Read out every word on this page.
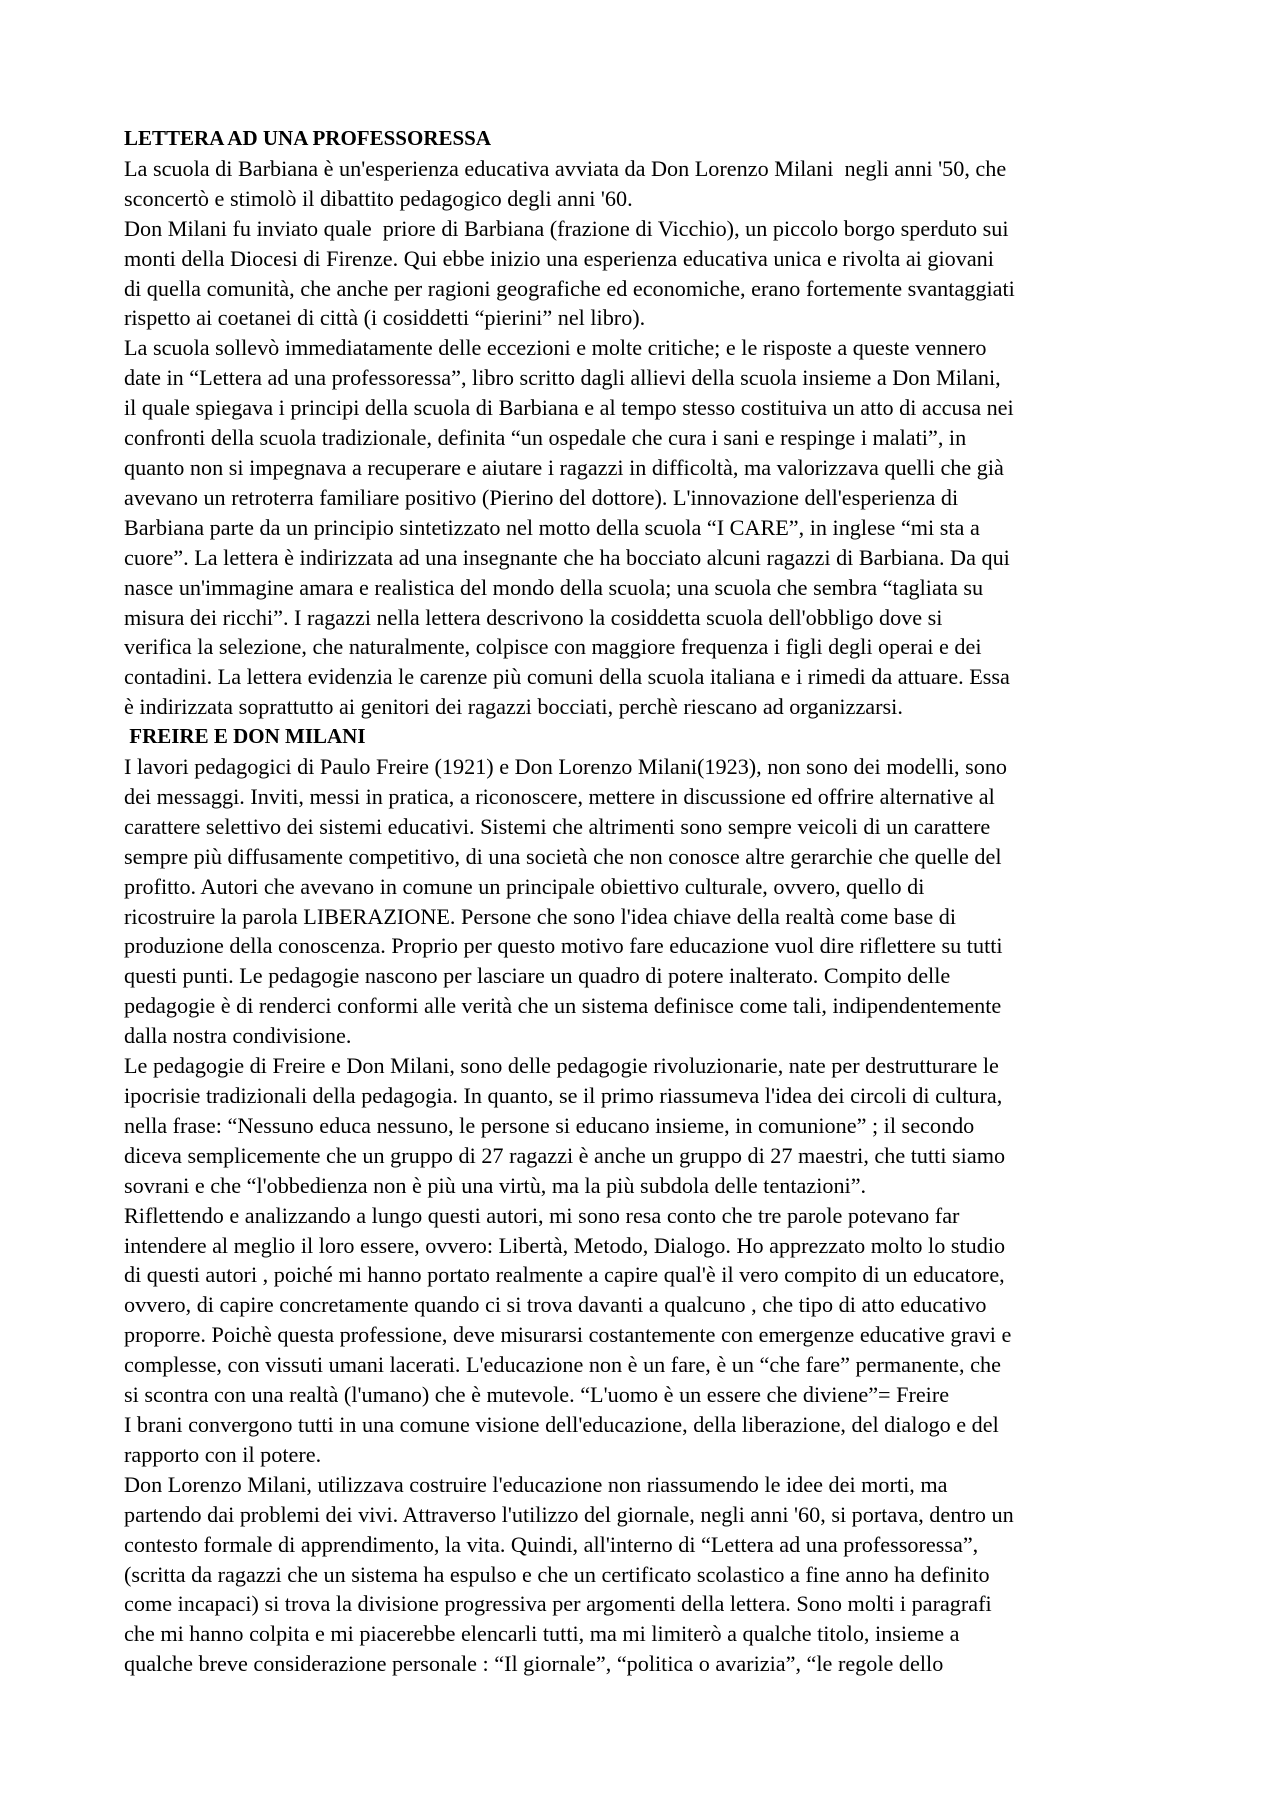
LETTERA AD UNA PROFESSORESSA
La scuola di Barbiana è un'esperienza educativa avviata da Don Lorenzo Milani  negli anni '50, che
sconcertò e stimolò il dibattito pedagogico degli anni '60.
Don Milani fu inviato quale  priore di Barbiana (frazione di Vicchio), un piccolo borgo sperduto sui
monti della Diocesi di Firenze. Qui ebbe inizio una esperienza educativa unica e rivolta ai giovani
di quella comunità, che anche per ragioni geografiche ed economiche, erano fortemente svantaggiati
rispetto ai coetanei di città (i cosiddetti “pierini” nel libro).
La scuola sollevò immediatamente delle eccezioni e molte critiche; e le risposte a queste vennero
date in “Lettera ad una professoressa”, libro scritto dagli allievi della scuola insieme a Don Milani,
il quale spiegava i principi della scuola di Barbiana e al tempo stesso costituiva un atto di accusa nei
confronti della scuola tradizionale, definita “un ospedale che cura i sani e respinge i malati”, in
quanto non si impegnava a recuperare e aiutare i ragazzi in difficoltà, ma valorizzava quelli che già
avevano un retroterra familiare positivo (Pierino del dottore). L'innovazione dell'esperienza di
Barbiana parte da un principio sintetizzato nel motto della scuola “I CARE”, in inglese “mi sta a
cuore”. La lettera è indirizzata ad una insegnante che ha bocciato alcuni ragazzi di Barbiana. Da qui
nasce un'immagine amara e realistica del mondo della scuola; una scuola che sembra “tagliata su
misura dei ricchi”. I ragazzi nella lettera descrivono la cosiddetta scuola dell'obbligo dove si
verifica la selezione, che naturalmente, colpisce con maggiore frequenza i figli degli operai e dei
contadini. La lettera evidenzia le carenze più comuni della scuola italiana e i rimedi da attuare. Essa
è indirizzata soprattutto ai genitori dei ragazzi bocciati, perchè riescano ad organizzarsi.
FREIRE E DON MILANI
I lavori pedagogici di Paulo Freire (1921) e Don Lorenzo Milani(1923), non sono dei modelli, sono
dei messaggi. Inviti, messi in pratica, a riconoscere, mettere in discussione ed offrire alternative al
carattere selettivo dei sistemi educativi. Sistemi che altrimenti sono sempre veicoli di un carattere
sempre più diffusamente competitivo, di una società che non conosce altre gerarchie che quelle del
profitto. Autori che avevano in comune un principale obiettivo culturale, ovvero, quello di
ricostruire la parola LIBERAZIONE. Persone che sono l'idea chiave della realtà come base di
produzione della conoscenza. Proprio per questo motivo fare educazione vuol dire riflettere su tutti
questi punti. Le pedagogie nascono per lasciare un quadro di potere inalterato. Compito delle
pedagogie è di renderci conformi alle verità che un sistema definisce come tali, indipendentemente
dalla nostra condivisione.
Le pedagogie di Freire e Don Milani, sono delle pedagogie rivoluzionarie, nate per destrutturare le
ipocrisie tradizionali della pedagogia. In quanto, se il primo riassumeva l'idea dei circoli di cultura,
nella frase: “Nessuno educa nessuno, le persone si educano insieme, in comunione” ; il secondo
diceva semplicemente che un gruppo di 27 ragazzi è anche un gruppo di 27 maestri, che tutti siamo
sovrani e che “l'obbedienza non è più una virtù, ma la più subdola delle tentazioni”.
Riflettendo e analizzando a lungo questi autori, mi sono resa conto che tre parole potevano far
intendere al meglio il loro essere, ovvero: Libertà, Metodo, Dialogo. Ho apprezzato molto lo studio
di questi autori , poiché mi hanno portato realmente a capire qual'è il vero compito di un educatore,
ovvero, di capire concretamente quando ci si trova davanti a qualcuno , che tipo di atto educativo
proporre. Poichè questa professione, deve misurarsi costantemente con emergenze educative gravi e
complesse, con vissuti umani lacerati. L'educazione non è un fare, è un “che fare” permanente, che
si scontra con una realtà (l'umano) che è mutevole. “L'uomo è un essere che diviene”= Freire
I brani convergono tutti in una comune visione dell'educazione, della liberazione, del dialogo e del
rapporto con il potere.
Don Lorenzo Milani, utilizzava costruire l'educazione non riassumendo le idee dei morti, ma
partendo dai problemi dei vivi. Attraverso l'utilizzo del giornale, negli anni '60, si portava, dentro un
contesto formale di apprendimento, la vita. Quindi, all'interno di “Lettera ad una professoressa”,
(scritta da ragazzi che un sistema ha espulso e che un certificato scolastico a fine anno ha definito
come incapaci) si trova la divisione progressiva per argomenti della lettera. Sono molti i paragrafi
che mi hanno colpita e mi piacerebbe elencarli tutti, ma mi limiterò a qualche titolo, insieme a
qualche breve considerazione personale : “Il giornale”, “politica o avarizia”, “le regole dello
